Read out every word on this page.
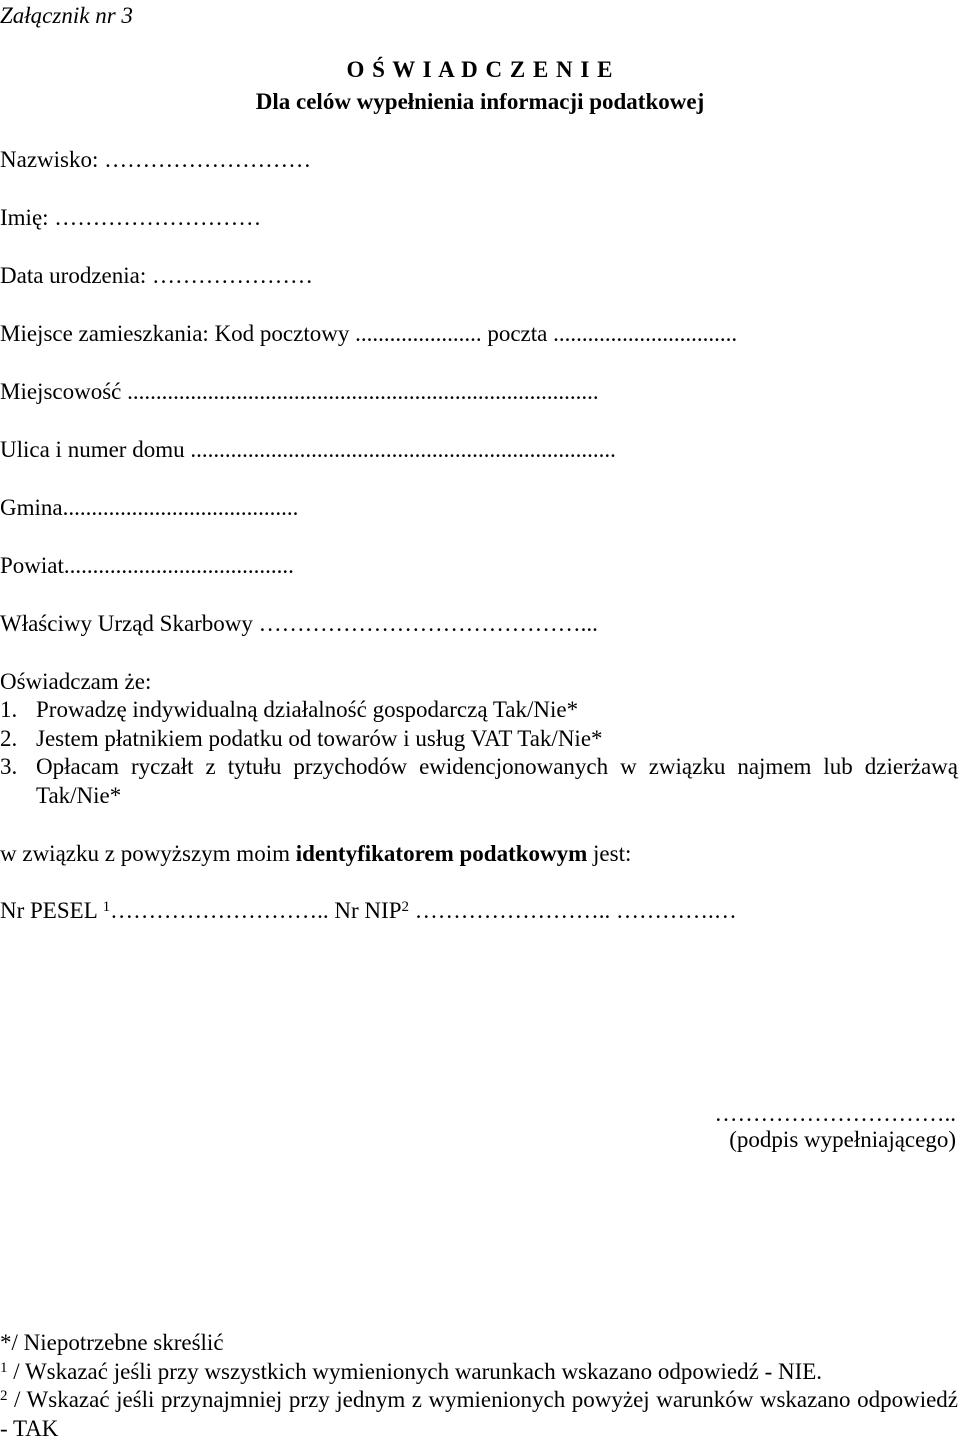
Załącznik nr 3
O Ś W I A D C Z E N I E
Dla celów wypełnienia informacji podatkowej
Nazwisko: ………………………
Imię: ………………………
Data urodzenia: …………………
Miejsce zamieszkania: Kod pocztowy ...................... poczta ................................
Miejscowość ..................................................................................
Ulica i numer domu ..........................................................................
Gmina.........................................
Powiat........................................
Właściwy Urząd Skarbowy ……………………………………...
Oświadczam że:
1. Prowadzę indywidualną działalność gospodarczą Tak/Nie*
2. Jestem płatnikiem podatku od towarów i usług VAT Tak/Nie*
3. Opłacam ryczałt z tytułu przychodów ewidencjonowanych w związku najmem lub dzierżawą Tak/Nie*
w związku z powyższym moim identyfikatorem podatkowym jest:
Nr PESEL $^1$……………………….. Nr NIP$^2$ …………………….. ………….…
…………………………..
(podpis wypełniającego)
*/ Niepotrzebne skreślić
$^1$ / Wskazać jeśli przy wszystkich wymienionych warunkach wskazano odpowiedź - NIE.
$^2$ / Wskazać jeśli przynajmniej przy jednym z wymienionych powyżej warunków wskazano odpowiedź - TAK
